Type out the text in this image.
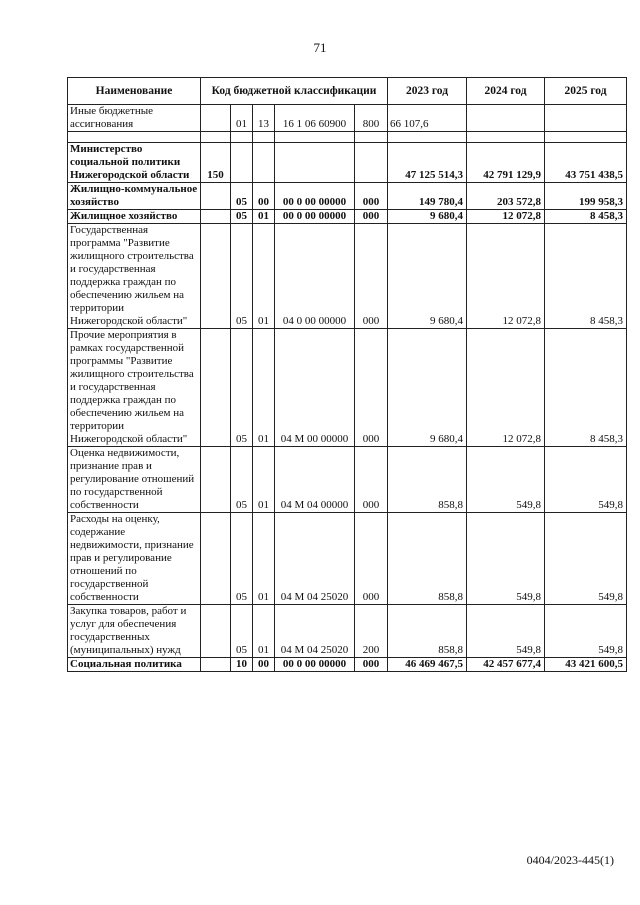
71
Наименование	Код бюджетной классификации					2023 год	2024 год	2025 год
Иные бюджетные ассигнования		01	13	16 1 06 60900	800	66 107,6		

Министерство социальной политики Нижегородской области	150					47 125 514,3	42 791 129,9	43 751 438,5
Жилищно-коммунальное хозяйство		05	00	00 0 00 00000	000	149 780,4	203 572,8	199 958,3
Жилищное хозяйство		05	01	00 0 00 00000	000	9 680,4	12 072,8	8 458,3
Государственная программа "Развитие жилищного строительства и государственная поддержка граждан по обеспечению жильем на территории Нижегородской области"		05	01	04 0 00 00000	000	9 680,4	12 072,8	8 458,3
Прочие мероприятия в рамках государственной программы "Развитие жилищного строительства и государственная поддержка граждан по обеспечению жильем на территории Нижегородской области"		05	01	04 М 00 00000	000	9 680,4	12 072,8	8 458,3
Оценка недвижимости, признание прав и регулирование отношений по государственной собственности		05	01	04 М 04 00000	000	858,8	549,8	549,8
Расходы на оценку, содержание недвижимости, признание прав и регулирование отношений по государственной собственности		05	01	04 М 04 25020	000	858,8	549,8	549,8
Закупка товаров, работ и услуг для обеспечения государственных (муниципальных) нужд		05	01	04 М 04 25020	200	858,8	549,8	549,8
Социальная политика		10	00	00 0 00 00000	000	46 469 467,5	42 457 677,4	43 421 600,5
0404/2023-445(1)
